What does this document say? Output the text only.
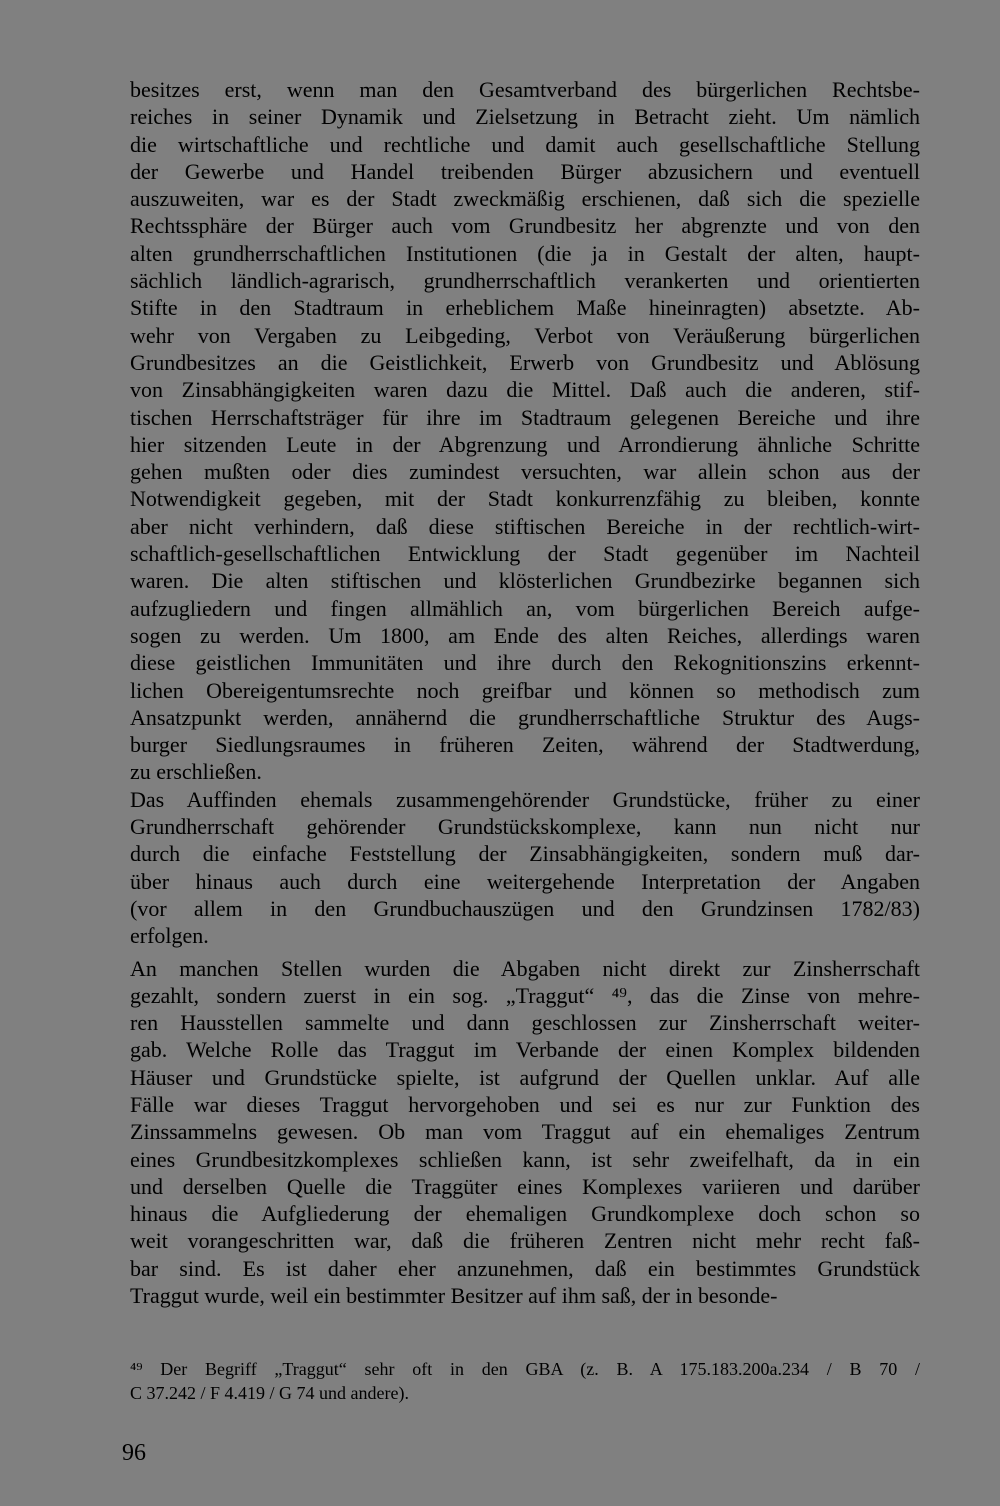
besitzes erst, wenn man den Gesamtverband des bürgerlichen Rechtsbe-
reiches in seiner Dynamik und Zielsetzung in Betracht zieht. Um nämlich
die wirtschaftliche und rechtliche und damit auch gesellschaftliche Stellung
der Gewerbe und Handel treibenden Bürger abzusichern und eventuell
auszuweiten, war es der Stadt zweckmäßig erschienen, daß sich die spezielle
Rechtssphäre der Bürger auch vom Grundbesitz her abgrenzte und von den
alten grundherrschaftlichen Institutionen (die ja in Gestalt der alten, haupt-
sächlich ländlich-agrarisch, grundherrschaftlich verankerten und orientierten
Stifte in den Stadtraum in erheblichem Maße hineinragten) absetzte. Ab-
wehr von Vergaben zu Leibgeding, Verbot von Veräußerung bürgerlichen
Grundbesitzes an die Geistlichkeit, Erwerb von Grundbesitz und Ablösung
von Zinsabhängigkeiten waren dazu die Mittel. Daß auch die anderen, stif-
tischen Herrschaftsträger für ihre im Stadtraum gelegenen Bereiche und ihre
hier sitzenden Leute in der Abgrenzung und Arrondierung ähnliche Schritte
gehen mußten oder dies zumindest versuchten, war allein schon aus der
Notwendigkeit gegeben, mit der Stadt konkurrenzfähig zu bleiben, konnte
aber nicht verhindern, daß diese stiftischen Bereiche in der rechtlich-wirt-
schaftlich-gesellschaftlichen Entwicklung der Stadt gegenüber im Nachteil
waren. Die alten stiftischen und klösterlichen Grundbezirke begannen sich
aufzugliedern und fingen allmählich an, vom bürgerlichen Bereich aufge-
sogen zu werden. Um 1800, am Ende des alten Reiches, allerdings waren
diese geistlichen Immunitäten und ihre durch den Rekognitionszins erkennt-
lichen Obereigentumsrechte noch greifbar und können so methodisch zum
Ansatzpunkt werden, annähernd die grundherrschaftliche Struktur des Augs-
burger Siedlungsraumes in früheren Zeiten, während der Stadtwerdung,
zu erschließen.

Das Auffinden ehemals zusammengehörender Grundstücke, früher zu einer
Grundherrschaft gehörender Grundstückskomplexe, kann nun nicht nur
durch die einfache Feststellung der Zinsabhängigkeiten, sondern muß dar-
über hinaus auch durch eine weitergehende Interpretation der Angaben
(vor allem in den Grundbuchauszügen und den Grundzinsen 1782/83)
erfolgen.

An manchen Stellen wurden die Abgaben nicht direkt zur Zinsherrschaft
gezahlt, sondern zuerst in ein sog. „Traggut“ ⁴⁹, das die Zinse von mehre-
ren Hausstellen sammelte und dann geschlossen zur Zinsherrschaft weiter-
gab. Welche Rolle das Traggut im Verbande der einen Komplex bildenden
Häuser und Grundstücke spielte, ist aufgrund der Quellen unklar. Auf alle
Fälle war dieses Traggut hervorgehoben und sei es nur zur Funktion des
Zinssammelns gewesen. Ob man vom Traggut auf ein ehemaliges Zentrum
eines Grundbesitzkomplexes schließen kann, ist sehr zweifelhaft, da in ein
und derselben Quelle die Traggüter eines Komplexes variieren und darüber
hinaus die Aufgliederung der ehemaligen Grundkomplexe doch schon so
weit vorangeschritten war, daß die früheren Zentren nicht mehr recht faß-
bar sind. Es ist daher eher anzunehmen, daß ein bestimmtes Grundstück
Traggut wurde, weil ein bestimmter Besitzer auf ihm saß, der in besonde-

⁴⁹ Der Begriff „Traggut“ sehr oft in den GBA (z. B. A 175.183.200a.234 / B 70 /
C 37.242 / F 4.419 / G 74 und andere).
96
